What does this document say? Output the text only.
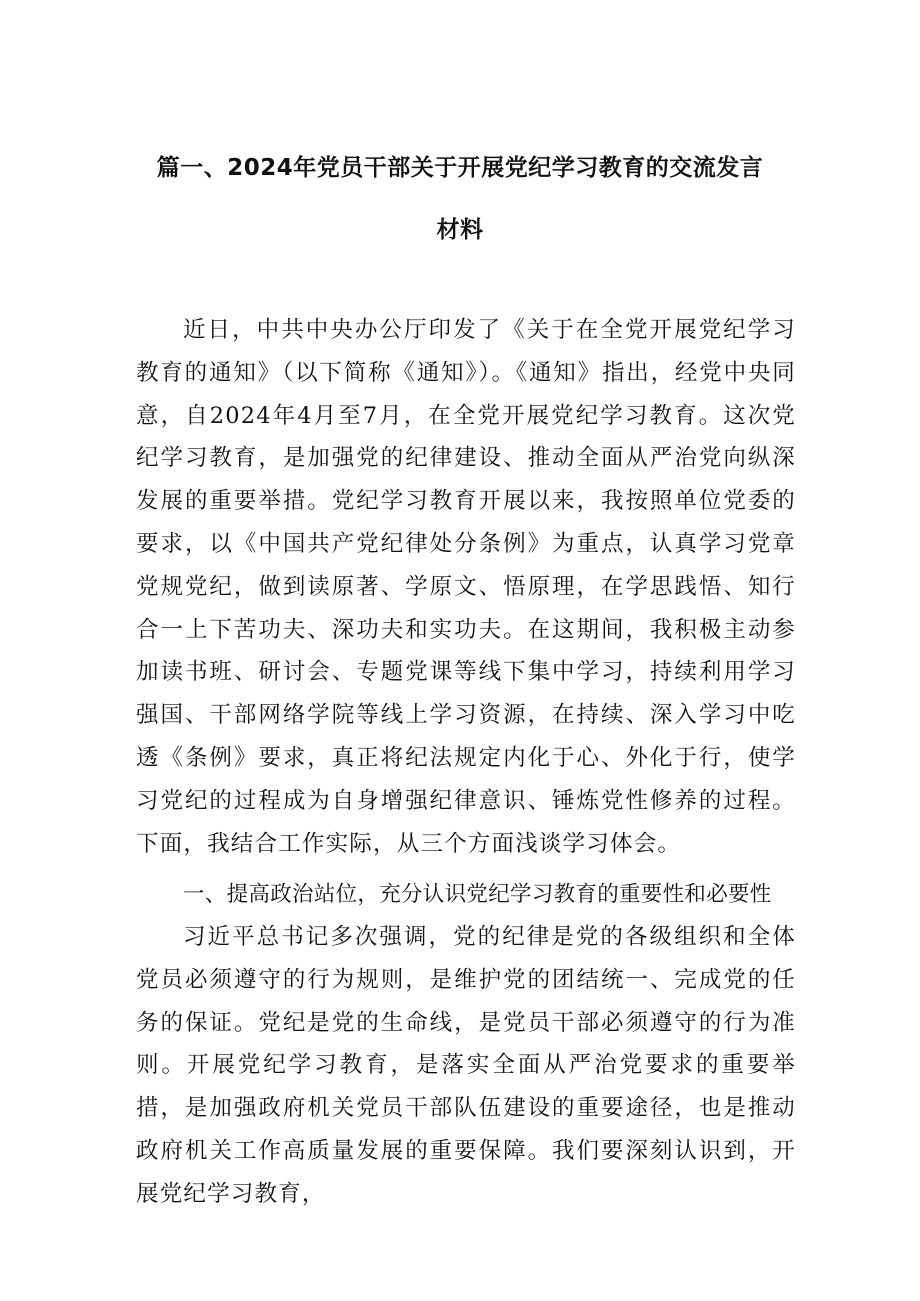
篇一、2024年党员干部关于开展党纪学习教育的交流发言
材料

近日，中共中央办公厅印发了《关于在全党开展党纪学习教育的通知》（以下简称《通知》）。《通知》指出，经党中央同意，自2024年4月至7月，在全党开展党纪学习教育。这次党纪学习教育，是加强党的纪律建设、推动全面从严治党向纵深发展的重要举措。党纪学习教育开展以来，我按照单位党委的要求，以《中国共产党纪律处分条例》为重点，认真学习党章党规党纪，做到读原著、学原文、悟原理，在学思践悟、知行合一上下苦功夫、深功夫和实功夫。在这期间，我积极主动参加读书班、研讨会、专题党课等线下集中学习，持续利用学习强国、干部网络学院等线上学习资源，在持续、深入学习中吃透《条例》要求，真正将纪法规定内化于心、外化于行，使学习党纪的过程成为自身增强纪律意识、锤炼党性修养的过程。下面，我结合工作实际，从三个方面浅谈学习体会。

一、提高政治站位，充分认识党纪学习教育的重要性和必要性

习近平总书记多次强调，党的纪律是党的各级组织和全体党员必须遵守的行为规则，是维护党的团结统一、完成党的任务的保证。党纪是党的生命线，是党员干部必须遵守的行为准则。开展党纪学习教育，是落实全面从严治党要求的重要举措，是加强政府机关党员干部队伍建设的重要途径，也是推动政府机关工作高质量发展的重要保障。我们要深刻认识到，开展党纪学习教育，
